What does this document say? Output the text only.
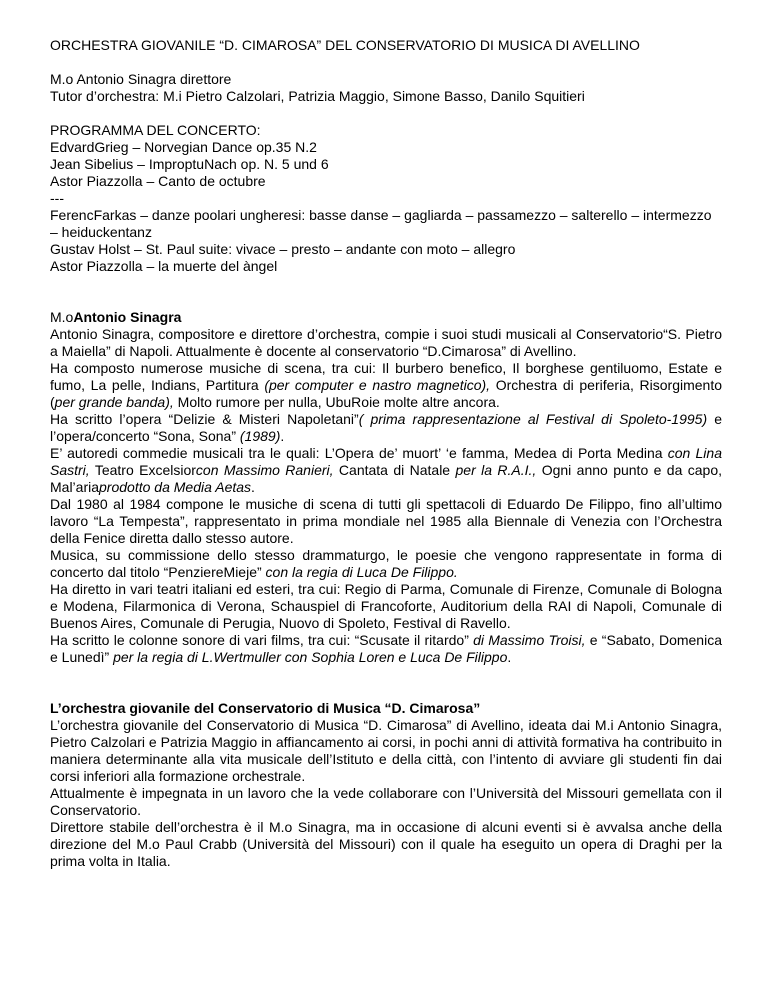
ORCHESTRA GIOVANILE “D. CIMAROSA” DEL CONSERVATORIO DI MUSICA DI AVELLINO

M.o Antonio Sinagra direttore

Tutor d’orchestra: M.i Pietro Calzolari, Patrizia Maggio, Simone Basso, Danilo Squitieri

PROGRAMMA DEL CONCERTO:

EdvardGrieg – Norvegian Dance op.35 N.2

Jean Sibelius – ImproptuNach op. N. 5 und 6

Astor Piazzolla – Canto de octubre

---

FerencFarkas – danze poolari ungheresi: basse danse – gagliarda – passamezzo – salterello – intermezzo – heiduckentanz

Gustav Holst – St. Paul suite: vivace – presto – andante con moto – allegro

Astor Piazzolla – la muerte del àngel

M.oAntonio Sinagra

Antonio Sinagra, compositore e direttore d’orchestra, compie i suoi studi musicali al Conservatorio“S. Pietro a Maiella” di Napoli. Attualmente è docente al conservatorio “D.Cimarosa” di Avellino.

Ha composto numerose musiche di scena, tra cui: Il burbero benefico, Il borghese gentiluomo, Estate e fumo, La pelle, Indians, Partitura (per computer e nastro magnetico), Orchestra di periferia, Risorgimento (per grande banda), Molto rumore per nulla, UbuRoie molte altre ancora.

Ha scritto l’opera “Delizie & Misteri Napoletani”( prima rappresentazione al Festival di Spoleto-1995) e l’opera/concerto “Sona, Sona” (1989).

E’ autoredi commedie musicali tra le quali: L’Opera de’ muort’ ‘e famma, Medea di Porta Medina con Lina Sastri, Teatro Excelsiorcon Massimo Ranieri, Cantata di Natale per la R.A.I., Ogni anno punto e da capo, Mal’ariaprodotto da Media Aetas.

Dal 1980 al 1984 compone le musiche di scena di tutti gli spettacoli di Eduardo De Filippo, fino all’ultimo lavoro “La Tempesta”, rappresentato in prima mondiale nel 1985 alla Biennale di Venezia con l’Orchestra della Fenice diretta dallo stesso autore.

Musica, su commissione dello stesso drammaturgo, le poesie che vengono rappresentate in forma di concerto dal titolo “PenziereMieje” con la regia di Luca De Filippo.

Ha diretto in vari teatri italiani ed esteri, tra cui: Regio di Parma, Comunale di Firenze, Comunale di Bologna e Modena, Filarmonica di Verona, Schauspiel di Francoforte, Auditorium della RAI di Napoli, Comunale di Buenos Aires, Comunale di Perugia, Nuovo di Spoleto, Festival di Ravello.

Ha scritto le colonne sonore di vari films, tra cui: “Scusate il ritardo” di Massimo Troisi, e “Sabato, Domenica e Lunedì” per la regia di L.Wertmuller con Sophia Loren e Luca De Filippo.

L’orchestra giovanile del Conservatorio di Musica “D. Cimarosa”

L’orchestra giovanile del Conservatorio di Musica “D. Cimarosa” di Avellino, ideata dai M.i Antonio Sinagra, Pietro Calzolari e Patrizia Maggio in affiancamento ai corsi, in pochi anni di attività formativa ha contribuito in maniera determinante alla vita musicale dell’Istituto e della città, con l’intento di avviare gli studenti fin dai corsi inferiori alla formazione orchestrale.

Attualmente è impegnata in un lavoro che la vede collaborare con l’Università del Missouri gemellata con il Conservatorio.

Direttore stabile dell’orchestra è il M.o Sinagra, ma in occasione di alcuni eventi si è avvalsa anche della direzione del M.o Paul Crabb (Università del Missouri) con il quale ha eseguito un opera di Draghi per la prima volta in Italia.
